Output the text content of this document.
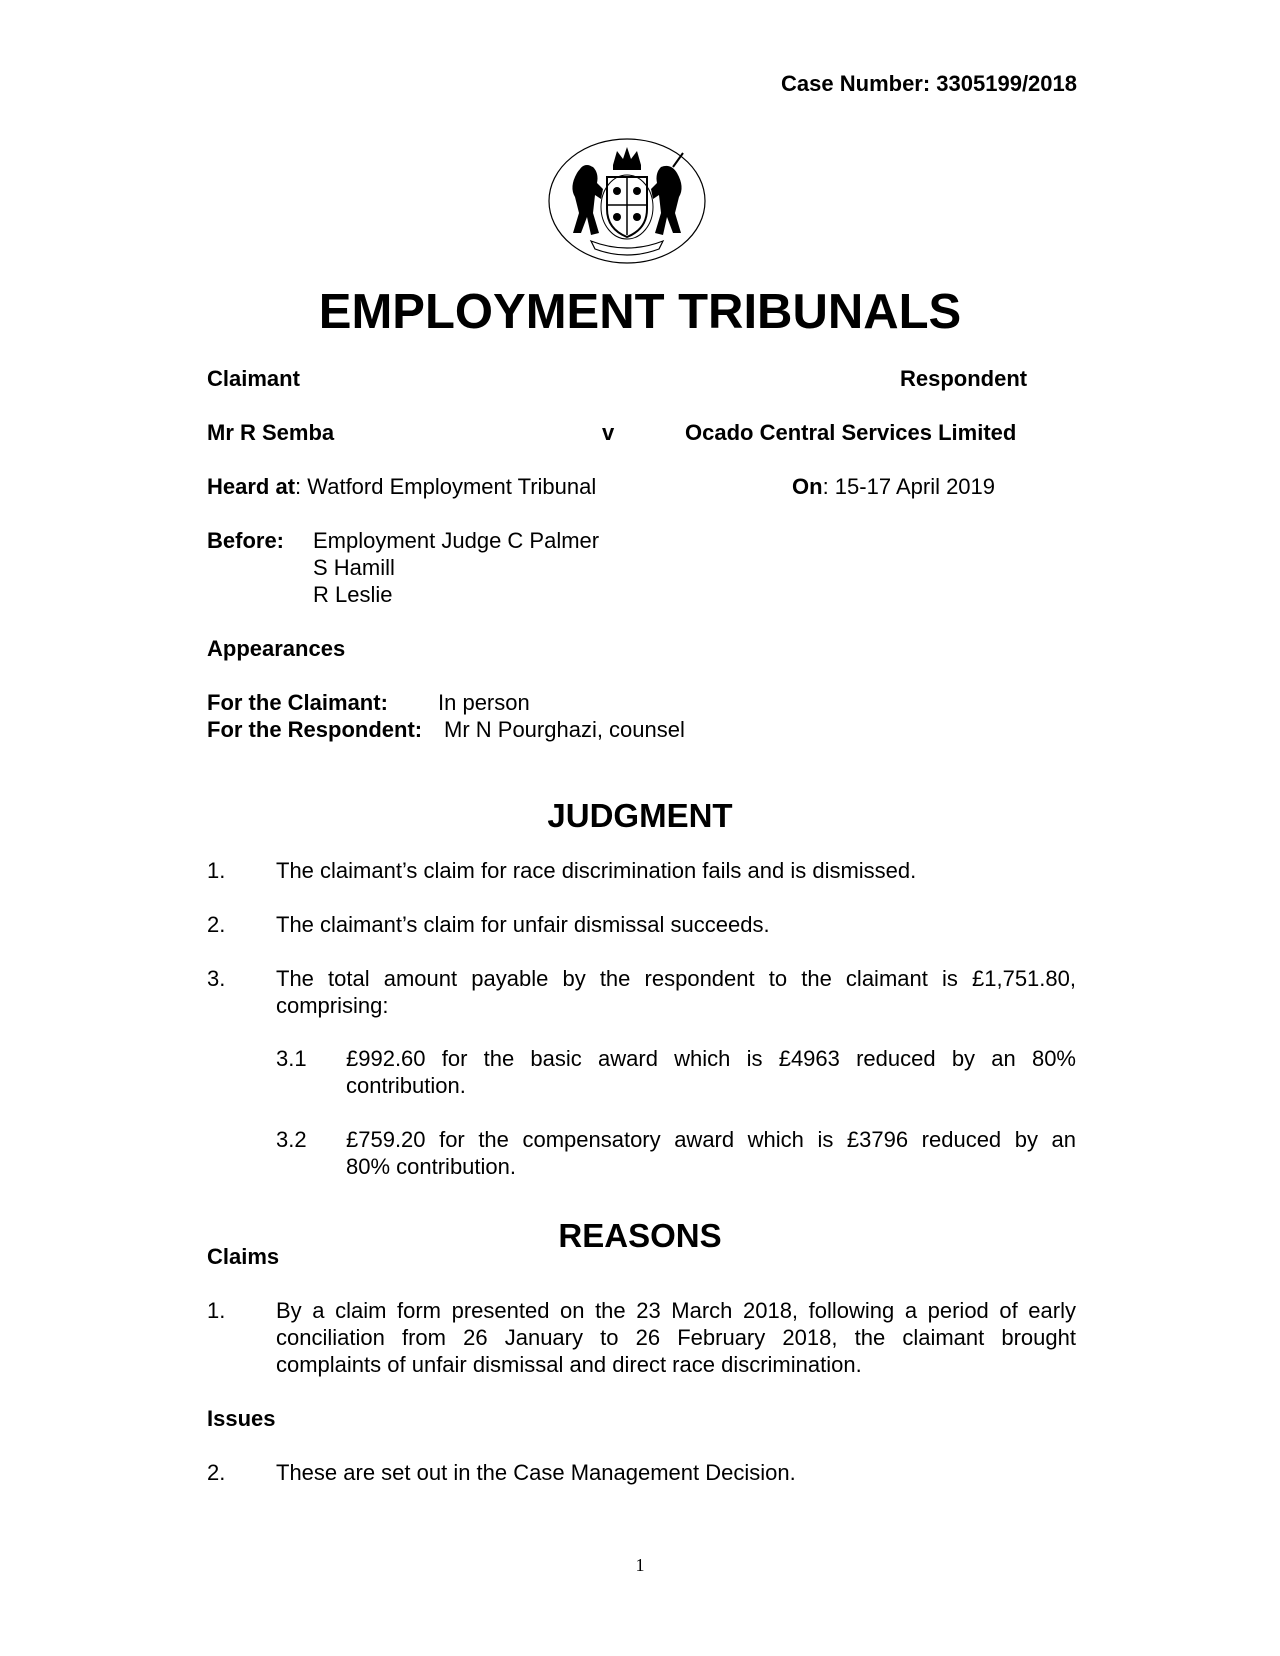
Case Number: 3305199/2018
EMPLOYMENT TRIBUNALS
Claimant	Respondent
Mr R Semba	v	Ocado Central Services Limited
Heard at: Watford Employment Tribunal	On: 15-17 April 2019
Before: Employment Judge C Palmer
S Hamill
R Leslie
Appearances
For the Claimant: In person
For the Respondent: Mr N Pourghazi, counsel
JUDGMENT
1. The claimant’s claim for race discrimination fails and is dismissed.
2. The claimant’s claim for unfair dismissal succeeds.
3. The total amount payable by the respondent to the claimant is £1,751.80,
comprising:
3.1 £992.60 for the basic award which is £4963 reduced by an 80%
contribution.
3.2 £759.20 for the compensatory award which is £3796 reduced by an
80% contribution.
REASONS
Claims
1. By a claim form presented on the 23 March 2018, following a period of early
conciliation from 26 January to 26 February 2018, the claimant brought
complaints of unfair dismissal and direct race discrimination.
Issues
2. These are set out in the Case Management Decision.
1
